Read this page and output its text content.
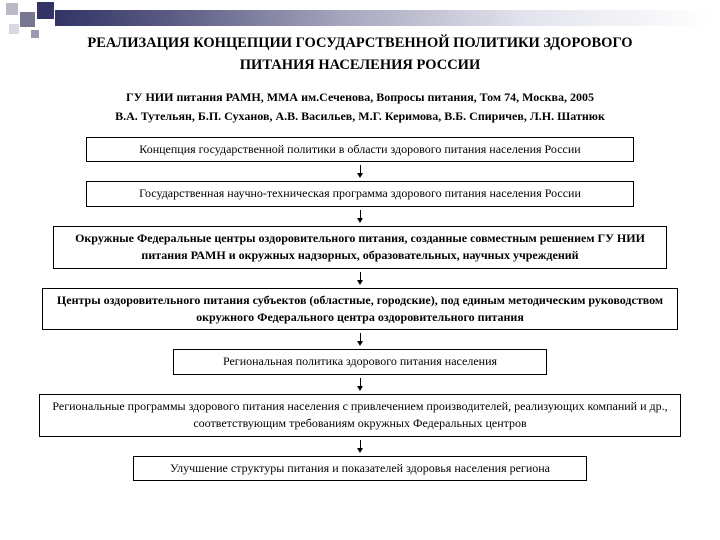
РЕАЛИЗАЦИЯ КОНЦЕПЦИИ ГОСУДАРСТВЕННОЙ ПОЛИТИКИ ЗДОРОВОГО ПИТАНИЯ НАСЕЛЕНИЯ РОССИИ
ГУ НИИ питания РАМН, ММА им.Сеченова, Вопросы питания, Том 74, Москва, 2005
В.А. Тутельян, Б.П. Суханов, А.В. Васильев, М.Г. Керимова, В.Б. Спиричев, Л.Н. Шатнюк
Концепция государственной политики в области здорового питания населения России
Государственная научно-техническая программа здорового питания населения России
Окружные Федеральные центры оздоровительного питания, созданные совместным решением ГУ НИИ питания РАМН и окружных надзорных, образовательных, научных учреждений
Центры оздоровительного питания субъектов (областные, городские), под единым методическим руководством окружного Федерального центра оздоровительного питания
Региональная политика здорового питания населения
Региональные программы здорового питания населения с привлечением производителей, реализующих компаний и др., соответствующим требованиям окружных Федеральных центров
Улучшение структуры питания и показателей здоровья населения региона
